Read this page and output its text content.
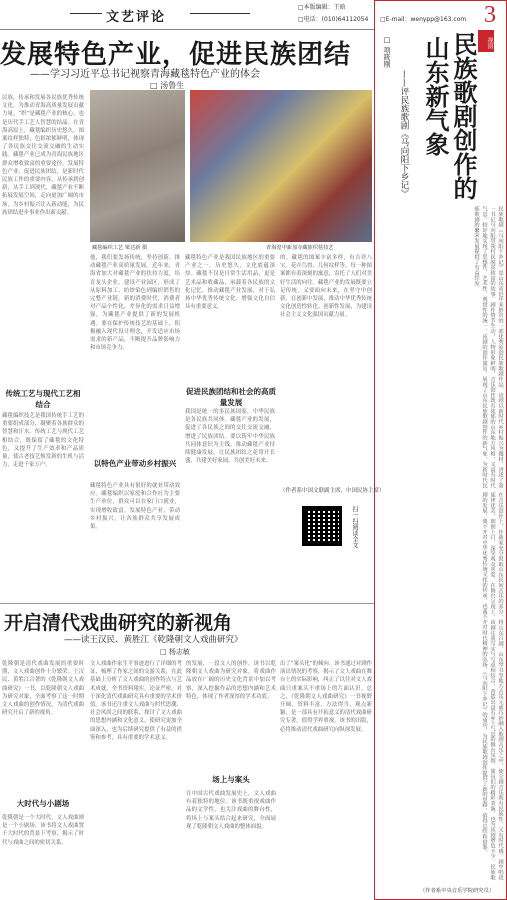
文艺评论
□本版编辑：王晗
□电话：(010)64112054 □E-mail：wenypp@163.com 3
发展特色产业，促进民族团结
——学习习近平总书记视察青海藏毯特色产业的体会
□ 汤鲁生
民族，传承和发展各民族优秀传统文化，为推动青海高质量发展贡献力量。“织”是藏毯产业的核心，也是历代手工艺人智慧的结晶。在青海高原上，藏毯编织历史悠久，图案纹样独特，色彩浓郁鲜明，体现了各民族交往交流交融的生动实践。藏毯产业已成为青海民族地区群众增收致富的重要途径。发展特色产业，促进民族团结，是新时代民族工作的重要内容。从传承到创新，从手工到现代，藏毯产业不断拓展发展空间，走向更加广阔的市场，为乡村振兴注入新动能，为民族团结进步事业作出新贡献。
传统工艺与现代工艺相结合
藏毯编织技艺是我国传统手工艺的重要组成部分，凝聚着各族群众的智慧和汗水。传统工艺与现代工艺相结合，既保留了藏毯的文化特色，又提升了生产效率和产品质量，使古老技艺焕发新的生机与活力，走进千家万户。
藏毯编织工艺 梁达新 摄	青海湟中新加寺藏族织毯技艺
他，我们要发扬传统，坚持创新，推动藏毯产业高质量发展。近年来，青海省加大对藏毯产业的扶持力度，培育龙头企业，建设产业园区，形成了从原料加工、纺纱染色到编织销售的完整产业链。新的消费时代，消费者对产品个性化、差异化的需求日益增强，为藏毯产业提供了新的发展机遇。要在保护传统技艺的基础上，积极融入现代设计理念，开发适应市场需求的新产品，不断提升品牌影响力和市场竞争力。
以特色产业带动乡村振兴
藏毯特色产业具有很好的就业带动效应。藏毯编织以家庭和合作社为主要生产单位，群众可以在家门口就业，实现增收致富。发展特色产业，带动乡村振兴，让各族群众共享发展成果。
藏毯特色产业是我国民族地区的重要产业之一，历史悠久，文化底蕴深厚。藏毯不仅是日常生活用品，更是艺术品和收藏品，承载着各民族的文化记忆。推动藏毯产业发展，对于弘扬中华优秀传统文化、增强文化自信具有重要意义。
促进民族团结和社会的高质量发展
我国是统一的多民族国家，中华民族是各民族共同体。藏毯产业的发展，促进了各民族之间的交往交流交融，增进了民族团结。要以铸牢中华民族共同体意识为主线，推动藏毯产业持续健康发展，让民族团结之花常开长盛，共建美好家园，共创美好未来。
的。藏毯的图案丰富多样，有吉祥八宝、花卉鸟兽、几何纹样等，每一种图案都有着深刻的寓意，寄托了人们对美好生活的向往。藏毯产业的发展既要立足传统，又要面向未来，在坚守中创新，在创新中发展，推动中华优秀传统文化创造性转化、创新性发展，为建设社会主义文化强国贡献力量。
（作者系中国文联副主席、中国民协主席）
扫一扫阅读全文
开启清代戏曲研究的新视角
——读王汉民、黄胜江《乾隆朝文人戏曲研究》
□ 杨志敏
乾隆朝是清代戏曲发展的重要时期，文人戏曲创作十分繁荣。王汉民、黄胜江合著的《乾隆朝文人戏曲研究》一书，以乾隆朝文人戏曲为研究对象，全面考察了这一时期文人戏曲的创作情况，为清代戏曲研究开启了新的视角。
大时代与小剧场
乾隆朝是一个大时代，文人戏曲则是一个小剧场。该书将文人戏曲置于大时代的背景下考察，揭示了时代与戏曲之间的密切关系。
文人戏曲作家生平事迹进行了详细的考证，梳理了作家之间的交游关系，在此基础上分析了文人戏曲的创作特点与艺术成就。全书资料翔实，论证严密，对于深化清代戏曲研究具有重要的学术价值。该书还注重文人戏曲与时代思潮、社会风尚之间的联系，探讨了文人戏曲的思想内涵和文化意义，使研究更加全面深入，也为后续研究提供了有益的借鉴和参考，具有重要的学术意义。
的发展，一段文人的创作。该书以乾隆朝文人戏曲为研究对象，将戏曲作品放在广阔的历史文化背景中加以考察，深入挖掘作品的思想内涵和艺术特色，体现了作者深厚的学术功底。
场上与案头
在中国古代戏曲发展史上，文人戏曲有着独特的地位。该书既重视戏曲作品的文学性，也关注戏曲的舞台性，将场上与案头结合起来研究，全面展现了乾隆朝文人戏曲的整体面貌。
出了“案头化”的倾向。该书通过对剧作演出情况的考察，揭示了文人戏曲在舞台上的实际影响，纠正了以往对文人戏曲只重案头不重场上的片面认识。总之，《乾隆朝文人戏曲研究》一书视野开阔，资料丰富，方法得当，观点新颖，是一部具有开拓意义的清代戏曲研究专著，值得学界重视。该书的出版，必将推动清代戏曲研究向纵深发展。
视窗
民族歌剧创作的
山东新气象
——评民族歌剧《马向阳下乡记》
□ 项筱刚
民族歌剧《马向阳下乡记》是山东省近年来推出的一部优秀原创民族歌剧作品。该剧以新时代乡村振兴为题材，讲述了第一书记马向阳带领村民脱贫致富的故事。剧作情节生动，人物形象鲜明，音乐创作既有浓郁的山东地方风格，又富有时代气息，较好地实现了思想性、艺术性、观赏性的统一。该剧的创作演出，展现了山东民族歌剧创作的新气象，为新时代民族歌剧的繁荣发展提供了有益经验。
在音乐创作上，作曲家充分汲取山东民间音乐的养分，将山东吕剧、山东琴书等地方音乐元素巧妙融入歌剧音乐之中，使全剧音乐既有民族性，又有时代感。剧中唱段旋律优美，朗朗上口，深受观众喜爱。在舞台呈现上，该剧注重写实与写意相结合，营造出富有乡土气息的舞台氛围。演员们的精彩表演，也为该剧增色不少。民族歌剧的发展，离不开对中华优秀传统文化的传承，也离不开对时代精神的弘扬。《马向阳下乡记》的成功，为民族歌剧创作提供了新的思路，值得总结和借鉴。
（作者系中央音乐学院研究员）
